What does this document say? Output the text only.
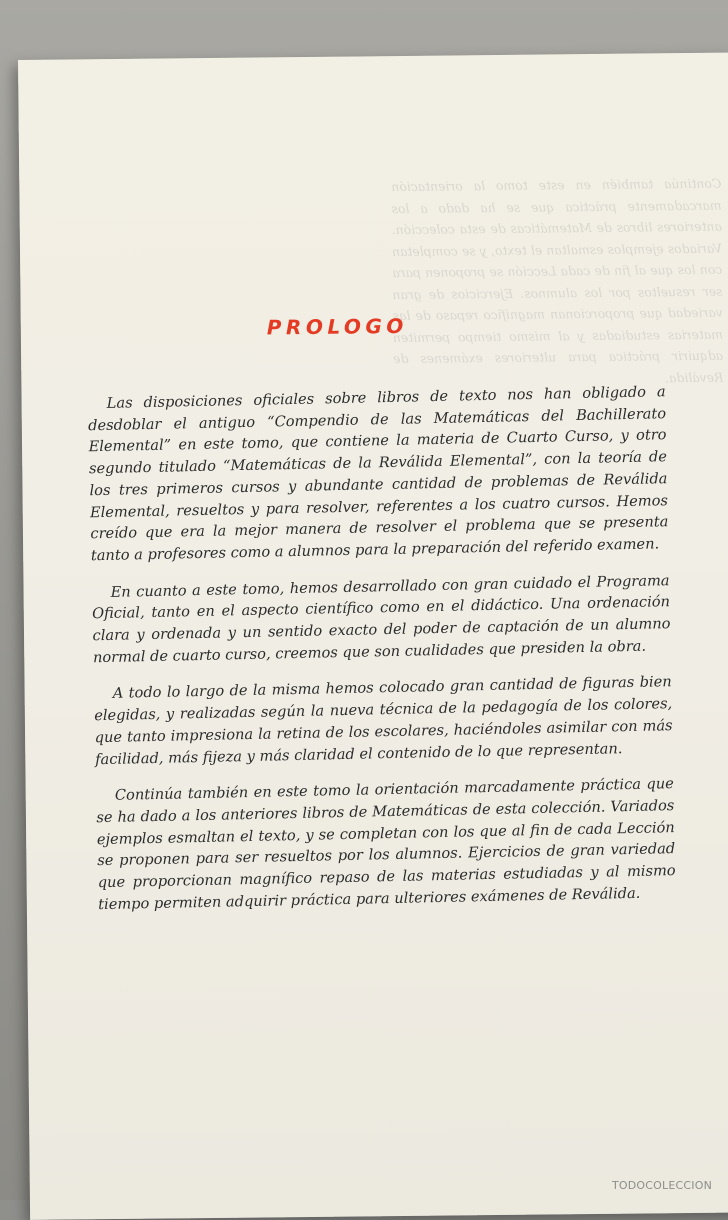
Continúa también en este tomo la orientación marcadamente práctica que se ha dado a los anteriores libros de Matemáticas de esta colección. Variados ejemplos esmaltan el texto, y se completan con los que al fin de cada Lección se proponen para ser resueltos por los alumnos. Ejercicios de gran variedad que proporcionan magnífico repaso de las materias estudiadas y al mismo tiempo permiten adquirir práctica para ulteriores exámenes de Reválida.

PROLOGO

Las disposiciones oficiales sobre libros de texto nos han obligado a desdoblar el antiguo “Compendio de las Matemáticas del Bachillerato Elemental” en este tomo, que contiene la materia de Cuarto Curso, y otro segundo titulado “Matemáticas de la Reválida Elemental”, con la teoría de los tres primeros cursos y abundante cantidad de problemas de Reválida Elemental, resueltos y para resolver, referentes a los cuatro cursos. Hemos creído que era la mejor manera de resolver el problema que se presenta tanto a profesores como a alumnos para la preparación del referido examen.

En cuanto a este tomo, hemos desarrollado con gran cuidado el Programa Oficial, tanto en el aspecto científico como en el didáctico. Una ordenación clara y ordenada y un sentido exacto del poder de captación de un alumno normal de cuarto curso, creemos que son cualidades que presiden la obra.

A todo lo largo de la misma hemos colocado gran cantidad de figuras bien elegidas, y realizadas según la nueva técnica de la pedagogía de los colores, que tanto impresiona la retina de los escolares, haciéndoles asimilar con más facilidad, más fijeza y más claridad el contenido de lo que representan.

Continúa también en este tomo la orientación marcadamente práctica que se ha dado a los anteriores libros de Matemáticas de esta colección. Variados ejemplos esmaltan el texto, y se completan con los que al fin de cada Lección se proponen para ser resueltos por los alumnos. Ejercicios de gran variedad que proporcionan magnífico repaso de las materias estudiadas y al mismo tiempo permiten adquirir práctica para ulteriores exámenes de Reválida.

TODOCOLECCION
